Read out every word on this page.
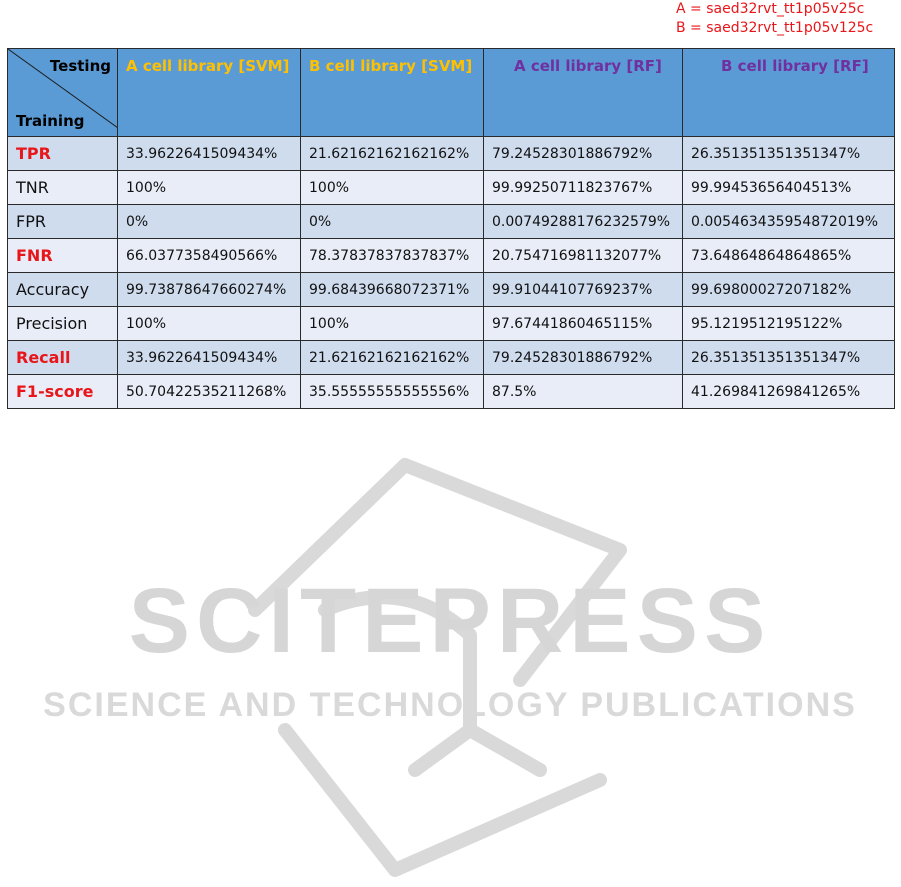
A = saed32rvt_tt1p05v25c
B = saed32rvt_tt1p05v125c
Testing
Training	A cell library [SVM]	B cell library [SVM]	A cell library [RF]	B cell library [RF]
TPR	33.9622641509434%	21.62162162162162%	79.24528301886792%	26.351351351351347%
TNR	100%	100%	99.99250711823767%	99.99453656404513%
FPR	0%	0%	0.00749288176232579%	0.005463435954872019%
FNR	66.0377358490566%	78.37837837837837%	20.754716981132077%	73.64864864864865%
Accuracy	99.73878647660274%	99.68439668072371%	99.91044107769237%	99.69800027207182%
Precision	100%	100%	97.67441860465115%	95.1219512195122%
Recall	33.9622641509434%	21.62162162162162%	79.24528301886792%	26.351351351351347%
F1-score	50.70422535211268%	35.55555555555556%	87.5%	41.269841269841265%
SCITEPRESS
SCIENCE AND TECHNOLOGY PUBLICATIONS
